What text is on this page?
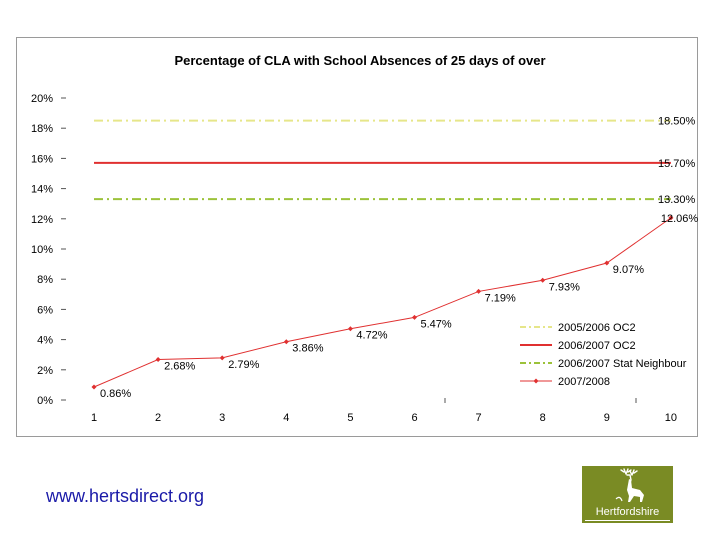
Percentage of CLA with School Absences of 25 days of over
0%
2%
4%
6%
8%
10%
12%
14%
16%
18%
20%
1	2	3	4	5	6	7	8	9	10
18.50%
15.70%
13.30%
0.86%
2.68%	2.79%
3.86%
4.72%
5.47%
7.19%
7.93%
9.07%
12.06%
2005/2006 OC2
2006/2007 OC2
2006/2007 Stat Neighbour
2007/2008
www.hertsdirect.org
Hertfordshire
